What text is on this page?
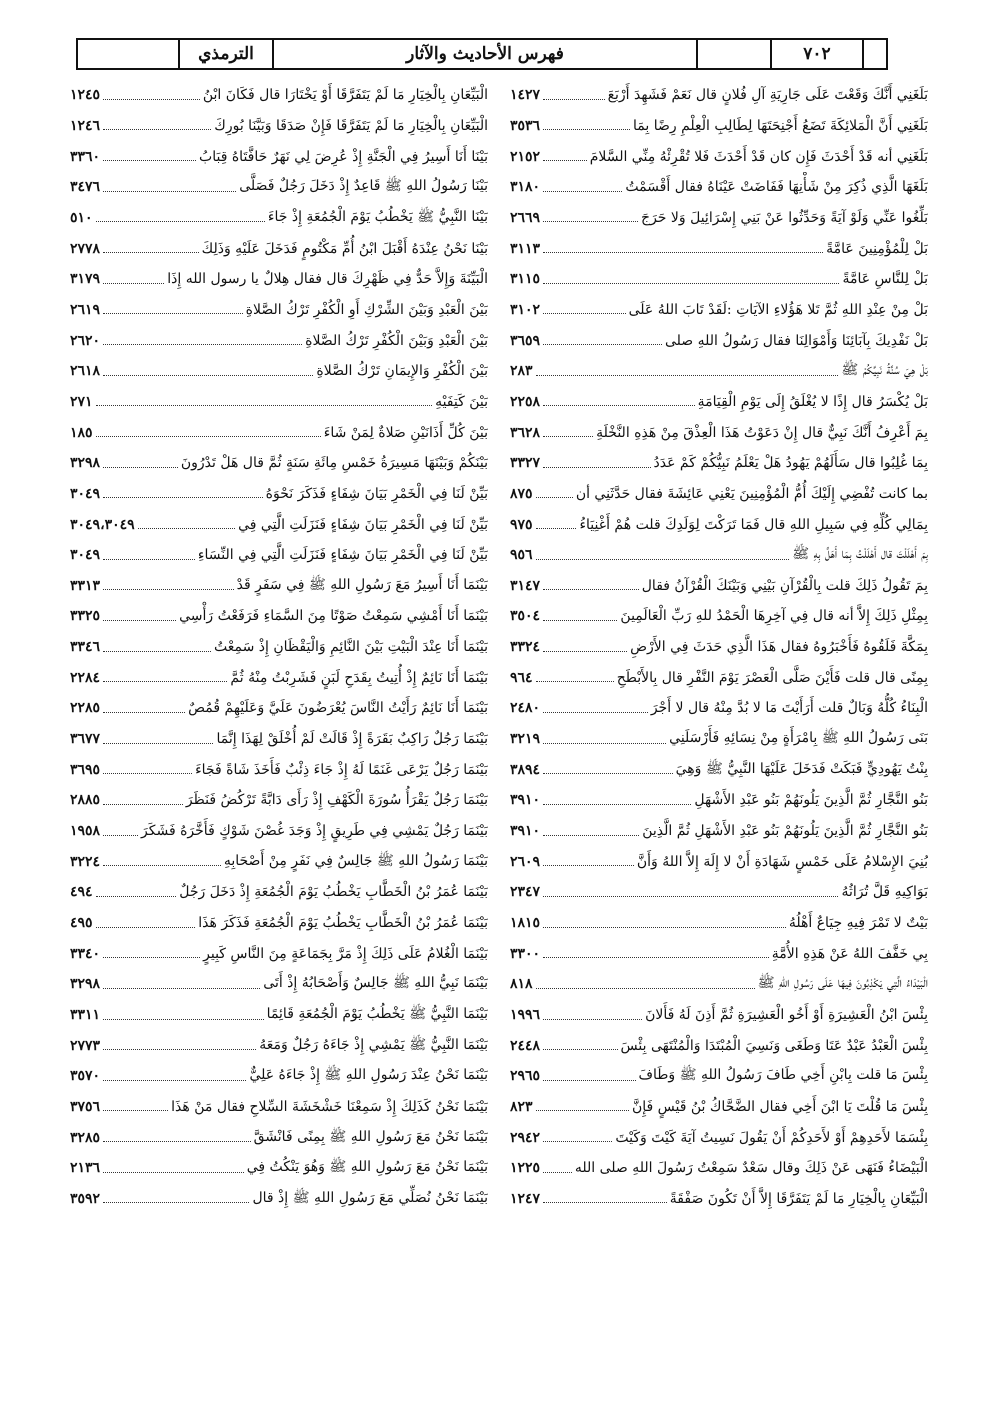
٧٠٢
فهرس الأحاديث والآثار
الترمذي
بَلَغَنِي أَنَّكَ وَقَعْتَ عَلَى جَارِيَةِ آلِ فُلانٍ قال نَعَمْ فَشَهِدَ أَرْبَعَ
١٤٢٧
بَلَغَنِي أَنَّ الْمَلائِكَةَ تَضَعُ أَجْنِحَتَهَا لِطَالِبِ الْعِلْمِ رِضًا بِمَا
٣٥٣٦
بَلَغَنِي أنه قَدْ أَحْدَثَ فَإِن كان قَدْ أَحْدَثَ فَلا تُقْرِئْهُ مِنِّي السَّلامَ
٢١٥٢
بَلَغَهَا الَّذِي ذُكِرَ مِنْ شَأْنِهَا فَفَاضَتْ عَيْنَاهُ فقال أَقْسَمْتُ
٣١٨٠
بَلِّغُوا عَنِّي وَلَوْ آيَةً وَحَدِّثُوا عَنْ بَنِي إِسْرَائِيلَ وَلا حَرَجَ
٢٦٦٩
بَلْ لِلْمُؤْمِنِينَ عَامَّةً
٣١١٣
بَلْ لِلنَّاسِ عَامَّةً
٣١١٥
بَلْ مِنْ عِنْدِ اللهِ ثُمَّ تَلا هَؤُلاءِ الآيَاتِ :لَقَدْ تَابَ اللهُ عَلَى
٣١٠٢
بَلْ نَفْدِيكَ بِآبَائِنَا وَأَمْوَالِنَا فقال رَسُولُ اللهِ صلى
٣٦٥٩
بَلْ هِيَ سُنَّةُ نَبِيِّكُمْ ﷺ
٢٨٣
بَلْ يُكْسَرُ قال إِذًا لا يُغْلَقُ إِلَى يَوْمِ الْقِيَامَةِ
٢٢٥٨
بِمَ أَعْرِفُ أَنَّكَ نَبِيٌّ قال إِنْ دَعَوْتُ هَذَا الْعِذْقَ مِنْ هَذِهِ النَّخْلَةِ
٣٦٢٨
بِمَا غُلِبُوا قال سَأَلَهُمْ يَهُودُ هَلْ يَعْلَمُ نَبِيُّكُمْ كَمْ عَدَدُ
٣٣٢٧
بما كانت تُفْضِي إِلَيْكَ أُمُّ الْمُؤْمِنِينَ يَعْنِي عَائِشَةَ فقال حَدَّثَنِي أن
٨٧٥
بِمَالِي كُلِّهِ فِي سَبِيلِ اللهِ قال فَمَا تَرَكْتَ لِوَلَدِكَ قلت هُمْ أَغْنِيَاءُ
٩٧٥
بِمَ أَهْلَلْتَ قال أَهْلَلْتُ بِمَا أَهَلَّ بِهِ ﷺ
٩٥٦
بِمَ تَقُولُ ذَلِكَ قلت بِالْقُرْآنِ بَيْنِي وَبَيْنَكَ الْقُرْآنُ فقال
٣١٤٧
بِمِثْلِ ذَلِكَ إِلاَّ أنه قال فِي آخِرِهَا الْحَمْدُ للهِ رَبِّ الْعَالَمِينَ
٣٥٠٤
بِمَكَّةَ فَلَقُوهُ فَأَخْبَرُوهُ فقال هَذَا الَّذِي حَدَثَ فِي الأَرْضِ
٣٣٢٤
بِمِنًى قال قلت فَأَيْنَ صَلَّى الْعَصْرَ يَوْمَ النَّفْرِ قال بِالأَبْطَحِ
٩٦٤
الْبِنَاءُ كُلُّهُ وَبَالٌ قلت أَرَأَيْتَ مَا لا بُدَّ مِنْهُ قال لا أَجْرَ
٢٤٨٠
بَنَى رَسُولُ اللهِ ﷺ بِامْرَأَةٍ مِنْ نِسَائِهِ فَأَرْسَلَنِي
٣٢١٩
بِنْتُ يَهُودِيٍّ فَبَكَتْ فَدَخَلَ عَلَيْهَا النَّبِيُّ ﷺ وَهِيَ
٣٨٩٤
بَنُو النَّجَّارِ ثُمَّ الَّذِينَ يَلُونَهُمْ بَنُو عَبْدِ الأَشْهَلِ
٣٩١٠
بَنُو النَّجَّارِ ثُمَّ الَّذِينَ يَلُونَهُمْ بَنُو عَبْدِ الأَشْهَلِ ثُمَّ الَّذِينَ
٣٩١٠
بُنِيَ الإِسْلامُ عَلَى خَمْسٍ شَهَادَةِ أَنْ لا إِلَهَ إِلاَّ اللهُ وَأَنَّ
٢٦٠٩
بَوَاكِيهِ قَلَّ تُرَاثُهُ
٢٣٤٧
بَيْتٌ لا تَمْرَ فِيهِ جِيَاعٌ أَهْلُهُ
١٨١٥
بِي خَفَّفَ اللهُ عَنْ هَذِهِ الأُمَّةِ
٣٣٠٠
الْبَيْدَاءُ الَّتِي يَكْذِبُونَ فِيهَا عَلَى رَسُولِ اللهِ ﷺ
٨١٨
بِئْسَ ابْنُ الْعَشِيرَةِ أَوْ أَخُو الْعَشِيرَةِ ثُمَّ أَذِنَ لَهُ فَأَلانَ
١٩٩٦
بِئْسَ الْعَبْدُ عَبْدٌ عَتَا وَطَغَى وَنَسِيَ الْمُبْتَدَا وَالْمُنْتَهَى بِئْسَ
٢٤٤٨
بِئْسَ مَا قلت بِابْنِ أَخِي طَافَ رَسُولُ اللهِ ﷺ وَطَافَ
٢٩٦٥
بِئْسَ مَا قُلْتَ يَا ابْنَ أَخِي فقال الضَّحَّاكُ بْنُ قَيْسٍ فَإِنَّ
٨٢٣
بِئْسَمَا لأَحَدِهِمْ أَوْ لأَحَدِكُمْ أَنْ يَقُولَ نَسِيتُ آيَةَ كَيْتَ وَكَيْتَ
٢٩٤٢
الْبَيْضَاءُ فَنَهَى عَنْ ذَلِكَ وقال سَعْدٌ سَمِعْتُ رَسُولَ اللهِ صلى الله
١٢٢٥
الْبَيِّعَانِ بِالْخِيَارِ مَا لَمْ يَتَفَرَّقَا إِلاَّ أَنْ تَكُونَ صَفْقَةً
١٢٤٧
الْبَيِّعَانِ بِالْخِيَارِ مَا لَمْ يَتَفَرَّقَا أَوْ يَخْتَارَا قال فَكَانَ ابْنُ
١٢٤٥
الْبَيِّعَانِ بِالْخِيَارِ مَا لَمْ يَتَفَرَّقَا فَإِنْ صَدَقَا وَبَيَّنَا بُورِكَ
١٢٤٦
بَيْنَا أَنَا أَسِيرُ فِي الْجَنَّةِ إِذْ عُرِضَ لِي نَهَرٌ حَافَّتَاهُ قِبَابُ
٣٣٦٠
بَيْنَا رَسُولُ اللهِ ﷺ قَاعِدٌ إِذْ دَخَلَ رَجُلٌ فَصَلَّى
٣٤٧٦
بَيْنَا النَّبِيُّ ﷺ يَخْطُبُ يَوْمَ الْجُمُعَةِ إِذْ جَاءَ
٥١٠
بَيْنَا نَحْنُ عِنْدَهُ أَقْبَلَ ابْنُ أُمِّ مَكْتُومٍ فَدَخَلَ عَلَيْهِ وَذَلِكَ
٢٧٧٨
الْبَيِّنَةَ وَإِلاَّ حَدٌّ فِي ظَهْرِكَ قال فقال هِلالٌ يا رسول الله إِذَا
٣١٧٩
بَيْنَ الْعَبْدِ وَبَيْنَ الشِّرْكِ أَوِ الْكُفْرِ تَرْكُ الصَّلاةِ
٢٦١٩
بَيْنَ الْعَبْدِ وَبَيْنَ الْكُفْرِ تَرْكُ الصَّلاةِ
٢٦٢٠
بَيْنَ الْكُفْرِ وَالإِيمَانِ تَرْكُ الصَّلاةِ
٢٦١٨
بَيْنَ كَتِفَيْهِ
٢٧١
بَيْنَ كُلِّ أَذَانَيْنِ صَلاةٌ لِمَنْ شَاءَ
١٨٥
بَيْنَكُمْ وَبَيْنَهَا مَسِيرَةُ خَمْسِ مِائَةِ سَنَةٍ ثُمَّ قال هَلْ تَدْرُونَ
٣٢٩٨
بَيِّنْ لَنَا فِي الْخَمْرِ بَيَانَ شِفَاءٍ فَذَكَرَ نَحْوَهُ
٣٠٤٩
بَيِّنْ لَنَا فِي الْخَمْرِ بَيَانَ شِفَاءٍ فَنَزَلَتِ الَّتِي فِي
٣٠٤٩،٣٠٤٩
بَيِّنْ لَنَا فِي الْخَمْرِ بَيَانَ شِفَاءٍ فَنَزَلَتِ الَّتِي فِي النِّسَاءِ
٣٠٤٩
بَيْنَمَا أَنَا أَسِيرُ مَعَ رَسُولِ اللهِ ﷺ فِي سَفَرٍ قَدْ
٣٣١٣
بَيْنَمَا أَنَا أَمْشِي سَمِعْتُ صَوْتًا مِنَ السَّمَاءِ فَرَفَعْتُ رَأْسِي
٣٣٢٥
بَيْنَمَا أَنَا عِنْدَ الْبَيْتِ بَيْنَ النَّائِمِ وَالْيَقْظَانِ إِذْ سَمِعْتُ
٣٣٤٦
بَيْنَمَا أَنَا نَائِمٌ إِذْ أُتِيتُ بِقَدَحِ لَبَنٍ فَشَرِبْتُ مِنْهُ ثُمَّ
٢٢٨٤
بَيْنَمَا أَنَا نَائِمٌ رَأَيْتُ النَّاسَ يُعْرَضُونَ عَلَيَّ وَعَلَيْهِمْ قُمُصٌ
٢٢٨٥
بَيْنَمَا رَجُلٌ رَاكِبٌ بَقَرَةً إِذْ قَالَتْ لَمْ أُخْلَقْ لِهَذَا إِنَّمَا
٣٦٧٧
بَيْنَمَا رَجُلٌ يَرْعَى غَنَمًا لَهُ إِذْ جَاءَ ذِئْبٌ فَأَخَذَ شَاةً فَجَاءَ
٣٦٩٥
بَيْنَمَا رَجُلٌ يَقْرَأُ سُورَةَ الْكَهْفِ إِذْ رَأَى دَابَّةً تَرْكُضُ فَنَظَرَ
٢٨٨٥
بَيْنَمَا رَجُلٌ يَمْشِي فِي طَرِيقٍ إِذْ وَجَدَ غُصْنَ شَوْكٍ فَأَخَّرَهُ فَشَكَرَ
١٩٥٨
بَيْنَمَا رَسُولُ اللهِ ﷺ جَالِسٌ فِي نَفَرٍ مِنْ أَصْحَابِهِ
٣٢٢٤
بَيْنَمَا عُمَرُ بْنُ الْخَطَّابِ يَخْطُبُ يَوْمَ الْجُمُعَةِ إِذْ دَخَلَ رَجُلٌ
٤٩٤
بَيْنَمَا عُمَرُ بْنُ الْخَطَّابِ يَخْطُبُ يَوْمَ الْجُمُعَةِ فَذَكَرَ هَذَا
٤٩٥
بَيْنَمَا الْغُلامُ عَلَى ذَلِكَ إِذْ مَرَّ بِجَمَاعَةٍ مِنَ النَّاسِ كَبِيرٍ
٣٣٤٠
بَيْنَمَا نَبِيُّ اللهِ ﷺ جَالِسٌ وَأَصْحَابُهُ إِذْ أَتَى
٣٢٩٨
بَيْنَمَا النَّبِيُّ ﷺ يَخْطُبُ يَوْمَ الْجُمُعَةِ قَائِمًا
٣٣١١
بَيْنَمَا النَّبِيُّ ﷺ يَمْشِي إِذْ جَاءَهُ رَجُلٌ وَمَعَهُ
٢٧٧٣
بَيْنَمَا نَحْنُ عِنْدَ رَسُولِ اللهِ ﷺ إِذْ جَاءَهُ عَلِيٌّ
٣٥٧٠
بَيْنَمَا نَحْنُ كَذَلِكَ إِذْ سَمِعْنَا خَشْخَشَةَ السِّلاحِ فقال مَنْ هَذَا
٣٧٥٦
بَيْنَمَا نَحْنُ مَعَ رَسُولِ اللهِ ﷺ بِمِنًى فَانْشَقَّ
٣٢٨٥
بَيْنَمَا نَحْنُ مَعَ رَسُولِ اللهِ ﷺ وَهُوَ يَنْكُتُ فِي
٢١٣٦
بَيْنَمَا نَحْنُ نُصَلِّي مَعَ رَسُولِ اللهِ ﷺ إِذْ قال
٣٥٩٢
